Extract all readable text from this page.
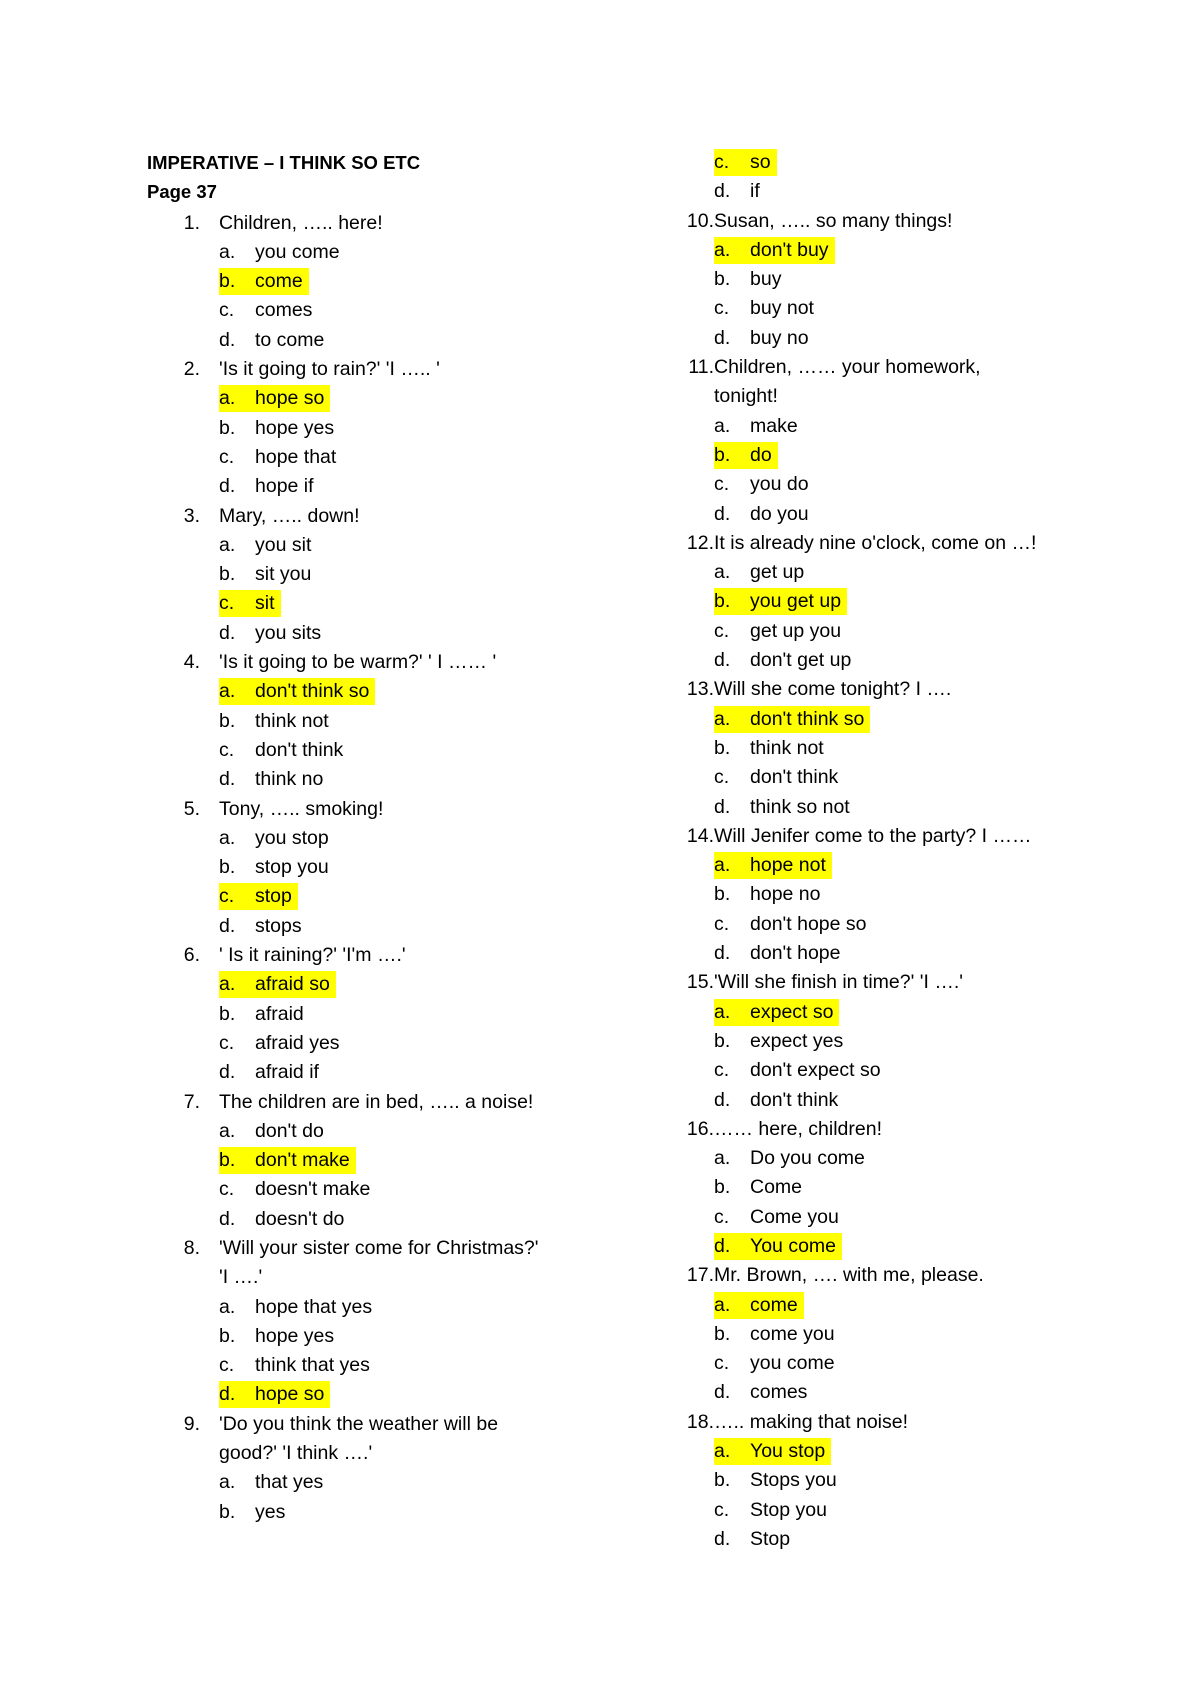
IMPERATIVE – I THINK SO ETC
Page 37
1. Children, ….. here!
a. you come
b. come
c. comes
d. to come
2. 'Is it going to rain?' 'I ….. '
a. hope so
b. hope yes
c. hope that
d. hope if
3. Mary, ….. down!
a. you sit
b. sit you
c. sit
d. you sits
4. 'Is it going to be warm?' ' I …… '
a. don't think so
b. think not
c. don't think
d. think no
5. Tony, ….. smoking!
a. you stop
b. stop you
c. stop
d. stops
6. ' Is it raining?' 'I'm ….'
a. afraid so
b. afraid
c. afraid yes
d. afraid if
7. The children are in bed, ….. a noise!
a. don't do
b. don't make
c. doesn't make
d. doesn't do
8. 'Will your sister come for Christmas?'
'I ….'
a. hope that yes
b. hope yes
c. think that yes
d. hope so
9. 'Do you think the weather will be
good?' 'I think ….'
a. that yes
b. yes
c. so
d. if
10. Susan, ….. so many things!
a. don't buy
b. buy
c. buy not
d. buy no
11. Children, …… your homework,
tonight!
a. make
b. do
c. you do
d. do you
12. It is already nine o'clock, come on …!
a. get up
b. you get up
c. get up you
d. don't get up
13. Will she come tonight? I ….
a. don't think so
b. think not
c. don't think
d. think so not
14. Will Jenifer come to the party? I ……
a. hope not
b. hope no
c. don't hope so
d. don't hope
15. 'Will she finish in time?' 'I ….'
a. expect so
b. expect yes
c. don't expect so
d. don't think
16. …… here, children!
a. Do you come
b. Come
c. Come you
d. You come
17. Mr. Brown, …. with me, please.
a. come
b. come you
c. you come
d. comes
18. ….. making that noise!
a. You stop
b. Stops you
c. Stop you
d. Stop
